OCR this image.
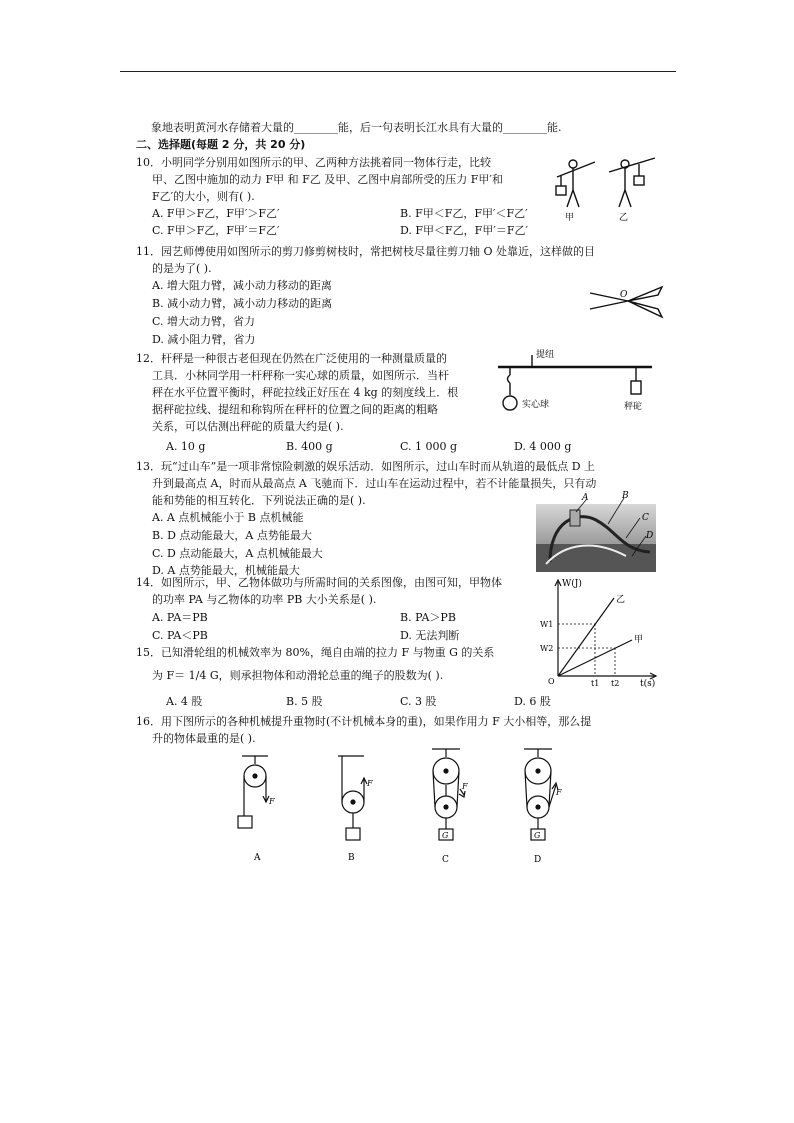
象地表明黄河水存储着大量的________能，后一句表明长江水具有大量的________能.
二、选择题(每题 2 分，共 20 分)
10．小明同学分别用如图所示的甲、乙两种方法挑着同一物体行走，比较
甲、乙图中施加的动力 F甲 和 F乙 及甲、乙图中肩部所受的压力 F甲′和
F乙′的大小，则有( ).
A. F甲＞F乙，F甲′＞F乙′	B. F甲＜F乙，F甲′＜F乙′
C. F甲＞F乙，F甲′＝F乙′	D. F甲＜F乙，F甲′＝F乙′
甲	乙
11．园艺师傅使用如图所示的剪刀修剪树枝时，常把树枝尽量往剪刀轴 O 处靠近，这样做的目
的是为了( ).
A. 增大阻力臂，减小动力移动的距离
B. 减小动力臂，减小动力移动的距离
C. 增大动力臂，省力
D. 减小阻力臂，省力
O
12．杆秤是一种很古老但现在仍然在广泛使用的一种测量质量的
工具．小林同学用一杆秤称一实心球的质量，如图所示．当杆
秤在水平位置平衡时，秤砣拉线正好压在 4 kg 的刻度线上．根
据秤砣拉线、提纽和称钩所在秤杆的位置之间的距离的粗略
关系，可以估测出秤砣的质量大约是( ).
A. 10 g	B. 400 g	C. 1 000 g	D. 4 000 g
提纽
实心球	秤砣
13．玩“过山车”是一项非常惊险刺激的娱乐活动．如图所示，过山车时而从轨道的最低点 D 上
升到最高点 A，时而从最高点 A 飞驰而下．过山车在运动过程中，若不计能量损失，只有动
能和势能的相互转化．下列说法正确的是( ).
A. A 点机械能小于 B 点机械能
B. D 点动能最大，A 点势能最大
C. D 点动能最大，A 点机械能最大
D. A 点势能最大，机械能最大
A	B
C
D
14．如图所示，甲、乙物体做功与所需时间的关系图像，由图可知，甲物体
的功率 PA 与乙物体的功率 PB 大小关系是( ).
A. PA＝PB	B. PA＞PB
C. PA＜PB	D. 无法判断
W(J)
t(s)
W1
W2
O	t1 t2
乙
甲
15．已知滑轮组的机械效率为 80%，绳自由端的拉力 F 与物重 G 的关系
为 F＝ 1/4 G，则承担物体和动滑轮总重的绳子的股数为( ).
A. 4 股	B. 5 股	C. 3 股	D. 6 股
16．用下图所示的各种机械提升重物时(不计机械本身的重)，如果作用力 F 大小相等，那么提
升的物体最重的是( ).
F
A
F
B
F
G
C
F
G
D
